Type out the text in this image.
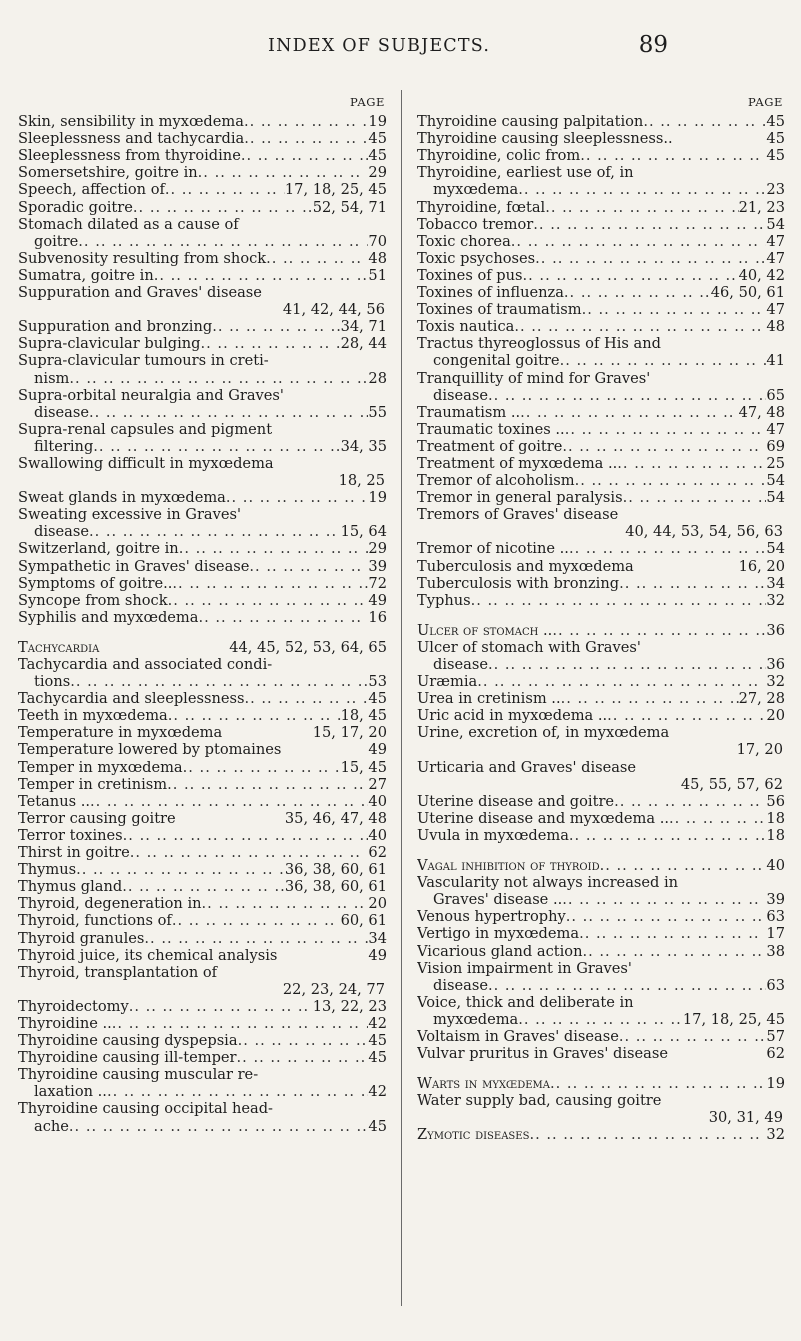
INDEX OF SUBJECTS.	89
PAGE
Skin, sensibility in myxœdema .. ..	19
Sleeplessness and tachycardia .. ..	45
Sleeplessness from thyroidine .. ..	45
Somersetshire, goitre in .. ..	29
Speech, affection of .. ..	17, 18, 25, 45
Sporadic goitre .. ..	52, 54, 71
Stomach dilated as a cause of
goitre .. ..	70
Subvenosity resulting from shock .. ..	48
Sumatra, goitre in .. ..	51
Suppuration and Graves' disease
41, 42, 44, 56
Suppuration and bronzing .. ..	34, 71
Supra-clavicular bulging .. ..	28, 44
Supra-clavicular tumours in creti-
nism .. ..	28
Supra-orbital neuralgia and Graves'
disease .. ..	55
Supra-renal capsules and pigment
filtering .. ..	34, 35
Swallowing difficult in myxœdema
18, 25
Sweat glands in myxœdema .. ..	19
Sweating excessive in Graves'
disease .. ..	15, 64
Switzerland, goitre in .. ..	29
Sympathetic in Graves' disease .. ..	39
Symptoms of goitre.. .. ..	72
Syncope from shock .. ..	49
Syphilis and myxœdema .. ..	16
Tachycardia	44, 45, 52, 53, 64, 65
Tachycardia and associated condi-
tions .. ..	53
Tachycardia and sleeplessness .. ..	45
Teeth in myxœdema .. ..	18, 45
Temperature in myxœdema	15, 17, 20
Temperature lowered by ptomaines	49
Temper in myxœdema .. ..	15, 45
Temper in cretinism .. ..	27
Tetanus .. .. ..	40
Terror causing goitre	35, 46, 47, 48
Terror toxines .. ..	40
Thirst in goitre .. ..	62
Thymus .. ..	36, 38, 60, 61
Thymus gland .. ..	36, 38, 60, 61
Thyroid, degeneration in .. ..	20
Thyroid, functions of .. ..	60, 61
Thyroid granules .. ..	34
Thyroid juice, its chemical analysis	49
Thyroid, transplantation of
22, 23, 24, 77
Thyroidectomy .. ..	13, 22, 23
Thyroidine .. .. ..	42
Thyroidine causing dyspepsia .. ..	45
Thyroidine causing ill-temper .. ..	45
Thyroidine causing muscular re-
laxation .. .. ..	42
Thyroidine causing occipital head-
ache .. ..	45
PAGE
Thyroidine causing palpitation .. ..	45
Thyroidine causing sleeplessness..	45
Thyroidine, colic from .. ..	45
Thyroidine, earliest use of, in
myxœdema .. ..	23
Thyroidine, fœtal .. ..	21, 23
Tobacco tremor .. ..	54
Toxic chorea .. ..	47
Toxic psychoses .. ..	47
Toxines of pus .. ..	40, 42
Toxines of influenza .. ..	46, 50, 61
Toxines of traumatism .. ..	47
Toxis nautica .. ..	48
Tractus thyreoglossus of His and
congenital goitre .. ..	41
Tranquillity of mind for Graves'
disease .. ..	65
Traumatism .. .. ..	47, 48
Traumatic toxines .. .. ..	47
Treatment of goitre .. ..	69
Treatment of myxœdema .. .. ..	25
Tremor of alcoholism .. ..	54
Tremor in general paralysis .. ..	54
Tremors of Graves' disease
40, 44, 53, 54, 56, 63
Tremor of nicotine .. .. ..	54
Tuberculosis and myxœdema	16, 20
Tuberculosis with bronzing .. ..	34
Typhus .. ..	32
Ulcer of stomach .. .. ..	36
Ulcer of stomach with Graves'
disease .. ..	36
Uræmia .. ..	32
Urea in cretinism .. .. ..	27, 28
Uric acid in myxœdema .. .. ..	20
Urine, excretion of, in myxœdema
17, 20
Urticaria and Graves' disease
45, 55, 57, 62
Uterine disease and goitre .. ..	56
Uterine disease and myxœdema .. .. ..	18
Uvula in myxœdema .. ..	18
Vagal inhibition of thyroid .. ..	40
Vascularity not always increased in
Graves' disease .. .. ..	39
Venous hypertrophy .. ..	63
Vertigo in myxœdema .. ..	17
Vicarious gland action .. ..	38
Vision impairment in Graves'
disease .. ..	63
Voice, thick and deliberate in
myxœdema .. ..	17, 18, 25, 45
Voltaism in Graves' disease .. ..	57
Vulvar pruritus in Graves' disease	62
Warts in myxœdema .. ..	19
Water supply bad, causing goitre
30, 31, 49
Zymotic diseases .. ..	32
